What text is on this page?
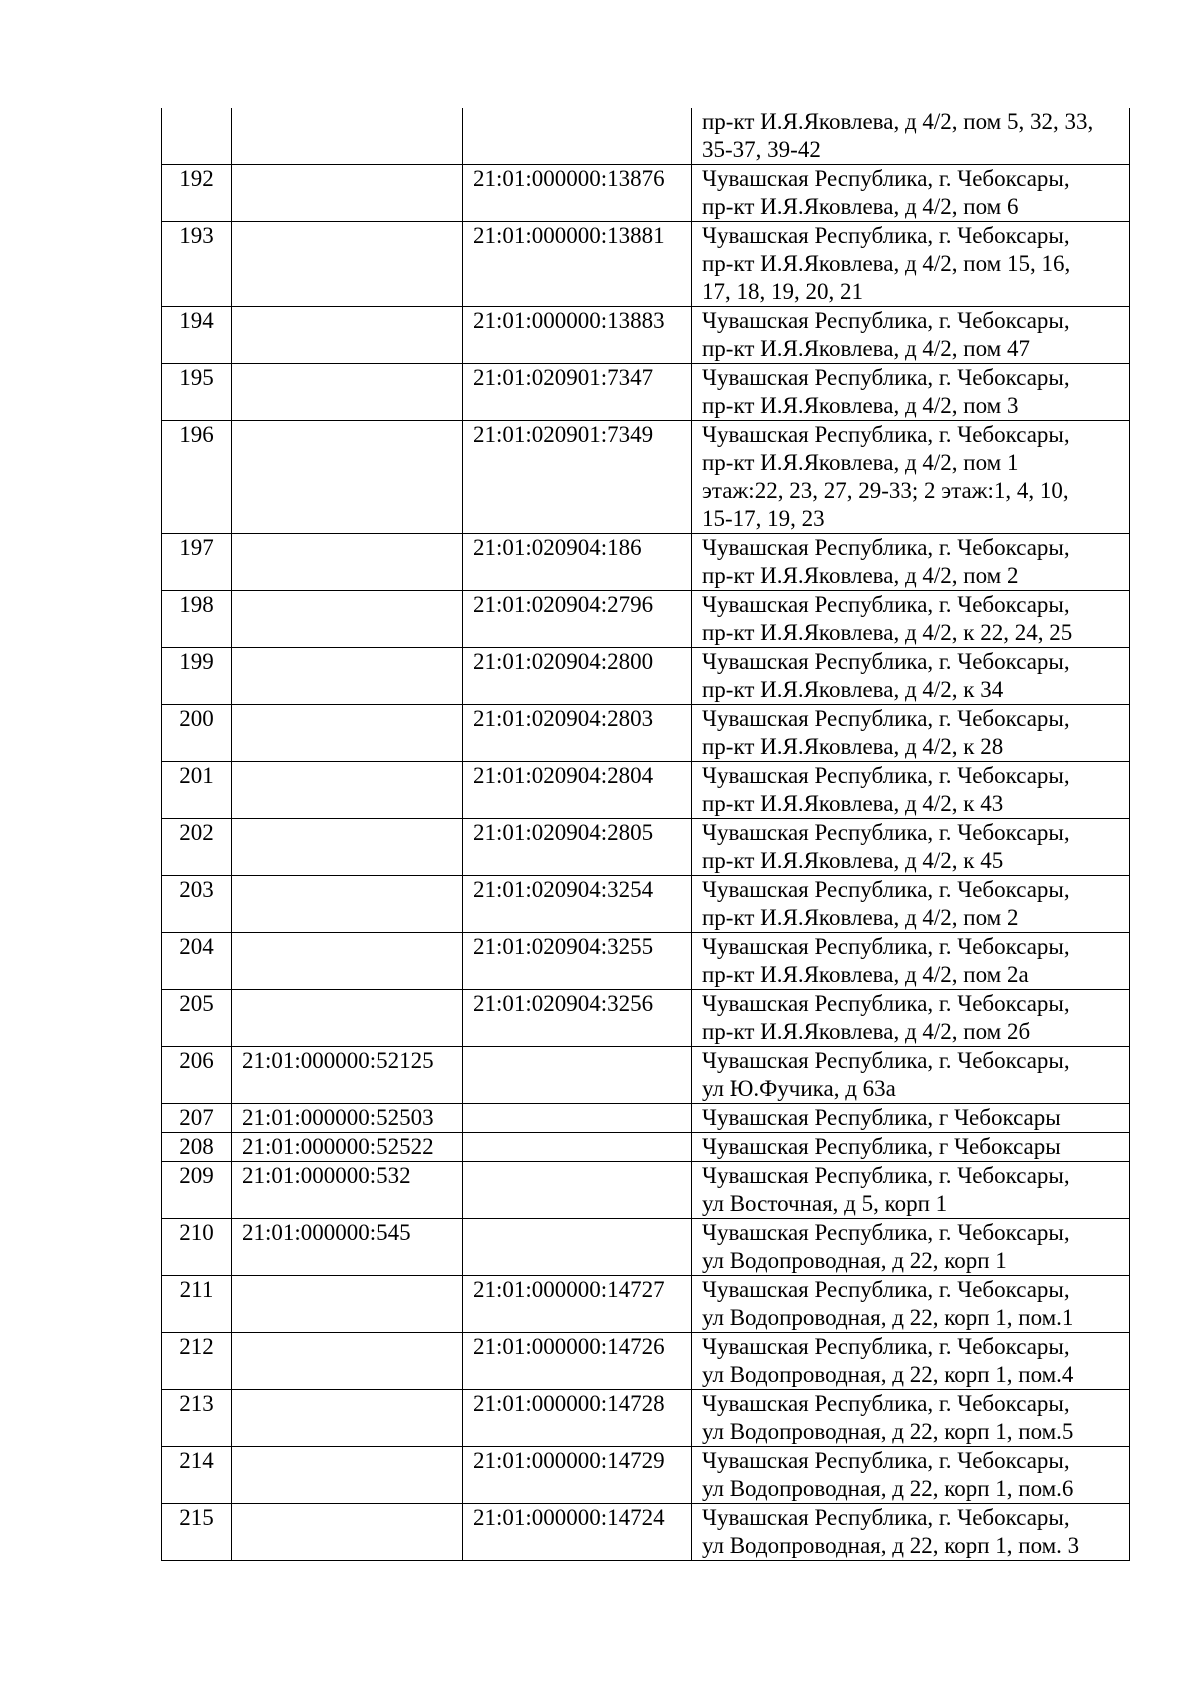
			пр-кт И.Я.Яковлева, д 4/2, пом 5, 32, 33,
35-37, 39-42
192		21:01:000000:13876	Чувашская Республика, г. Чебоксары,
пр-кт И.Я.Яковлева, д 4/2, пом 6
193		21:01:000000:13881	Чувашская Республика, г. Чебоксары,
пр-кт И.Я.Яковлева, д 4/2, пом 15, 16,
17, 18, 19, 20, 21
194		21:01:000000:13883	Чувашская Республика, г. Чебоксары,
пр-кт И.Я.Яковлева, д 4/2, пом 47
195		21:01:020901:7347	Чувашская Республика, г. Чебоксары,
пр-кт И.Я.Яковлева, д 4/2, пом 3
196		21:01:020901:7349	Чувашская Республика, г. Чебоксары,
пр-кт И.Я.Яковлева, д 4/2, пом 1
этаж:22, 23, 27, 29-33; 2 этаж:1, 4, 10,
15-17, 19, 23
197		21:01:020904:186	Чувашская Республика, г. Чебоксары,
пр-кт И.Я.Яковлева, д 4/2, пом 2
198		21:01:020904:2796	Чувашская Республика, г. Чебоксары,
пр-кт И.Я.Яковлева, д 4/2, к 22, 24, 25
199		21:01:020904:2800	Чувашская Республика, г. Чебоксары,
пр-кт И.Я.Яковлева, д 4/2, к 34
200		21:01:020904:2803	Чувашская Республика, г. Чебоксары,
пр-кт И.Я.Яковлева, д 4/2, к 28
201		21:01:020904:2804	Чувашская Республика, г. Чебоксары,
пр-кт И.Я.Яковлева, д 4/2, к 43
202		21:01:020904:2805	Чувашская Республика, г. Чебоксары,
пр-кт И.Я.Яковлева, д 4/2, к 45
203		21:01:020904:3254	Чувашская Республика, г. Чебоксары,
пр-кт И.Я.Яковлева, д 4/2, пом 2
204		21:01:020904:3255	Чувашская Республика, г. Чебоксары,
пр-кт И.Я.Яковлева, д 4/2, пом 2а
205		21:01:020904:3256	Чувашская Республика, г. Чебоксары,
пр-кт И.Я.Яковлева, д 4/2, пом 2б
206	21:01:000000:52125		Чувашская Республика, г. Чебоксары,
ул Ю.Фучика, д 63а
207	21:01:000000:52503		Чувашская Республика, г Чебоксары
208	21:01:000000:52522		Чувашская Республика, г Чебоксары
209	21:01:000000:532		Чувашская Республика, г. Чебоксары,
ул Восточная, д 5, корп 1
210	21:01:000000:545		Чувашская Республика, г. Чебоксары,
ул Водопроводная, д 22, корп 1
211		21:01:000000:14727	Чувашская Республика, г. Чебоксары,
ул Водопроводная, д 22, корп 1, пом.1
212		21:01:000000:14726	Чувашская Республика, г. Чебоксары,
ул Водопроводная, д 22, корп 1, пом.4
213		21:01:000000:14728	Чувашская Республика, г. Чебоксары,
ул Водопроводная, д 22, корп 1, пом.5
214		21:01:000000:14729	Чувашская Республика, г. Чебоксары,
ул Водопроводная, д 22, корп 1, пом.6
215		21:01:000000:14724	Чувашская Республика, г. Чебоксары,
ул Водопроводная, д 22, корп 1, пом. 3
